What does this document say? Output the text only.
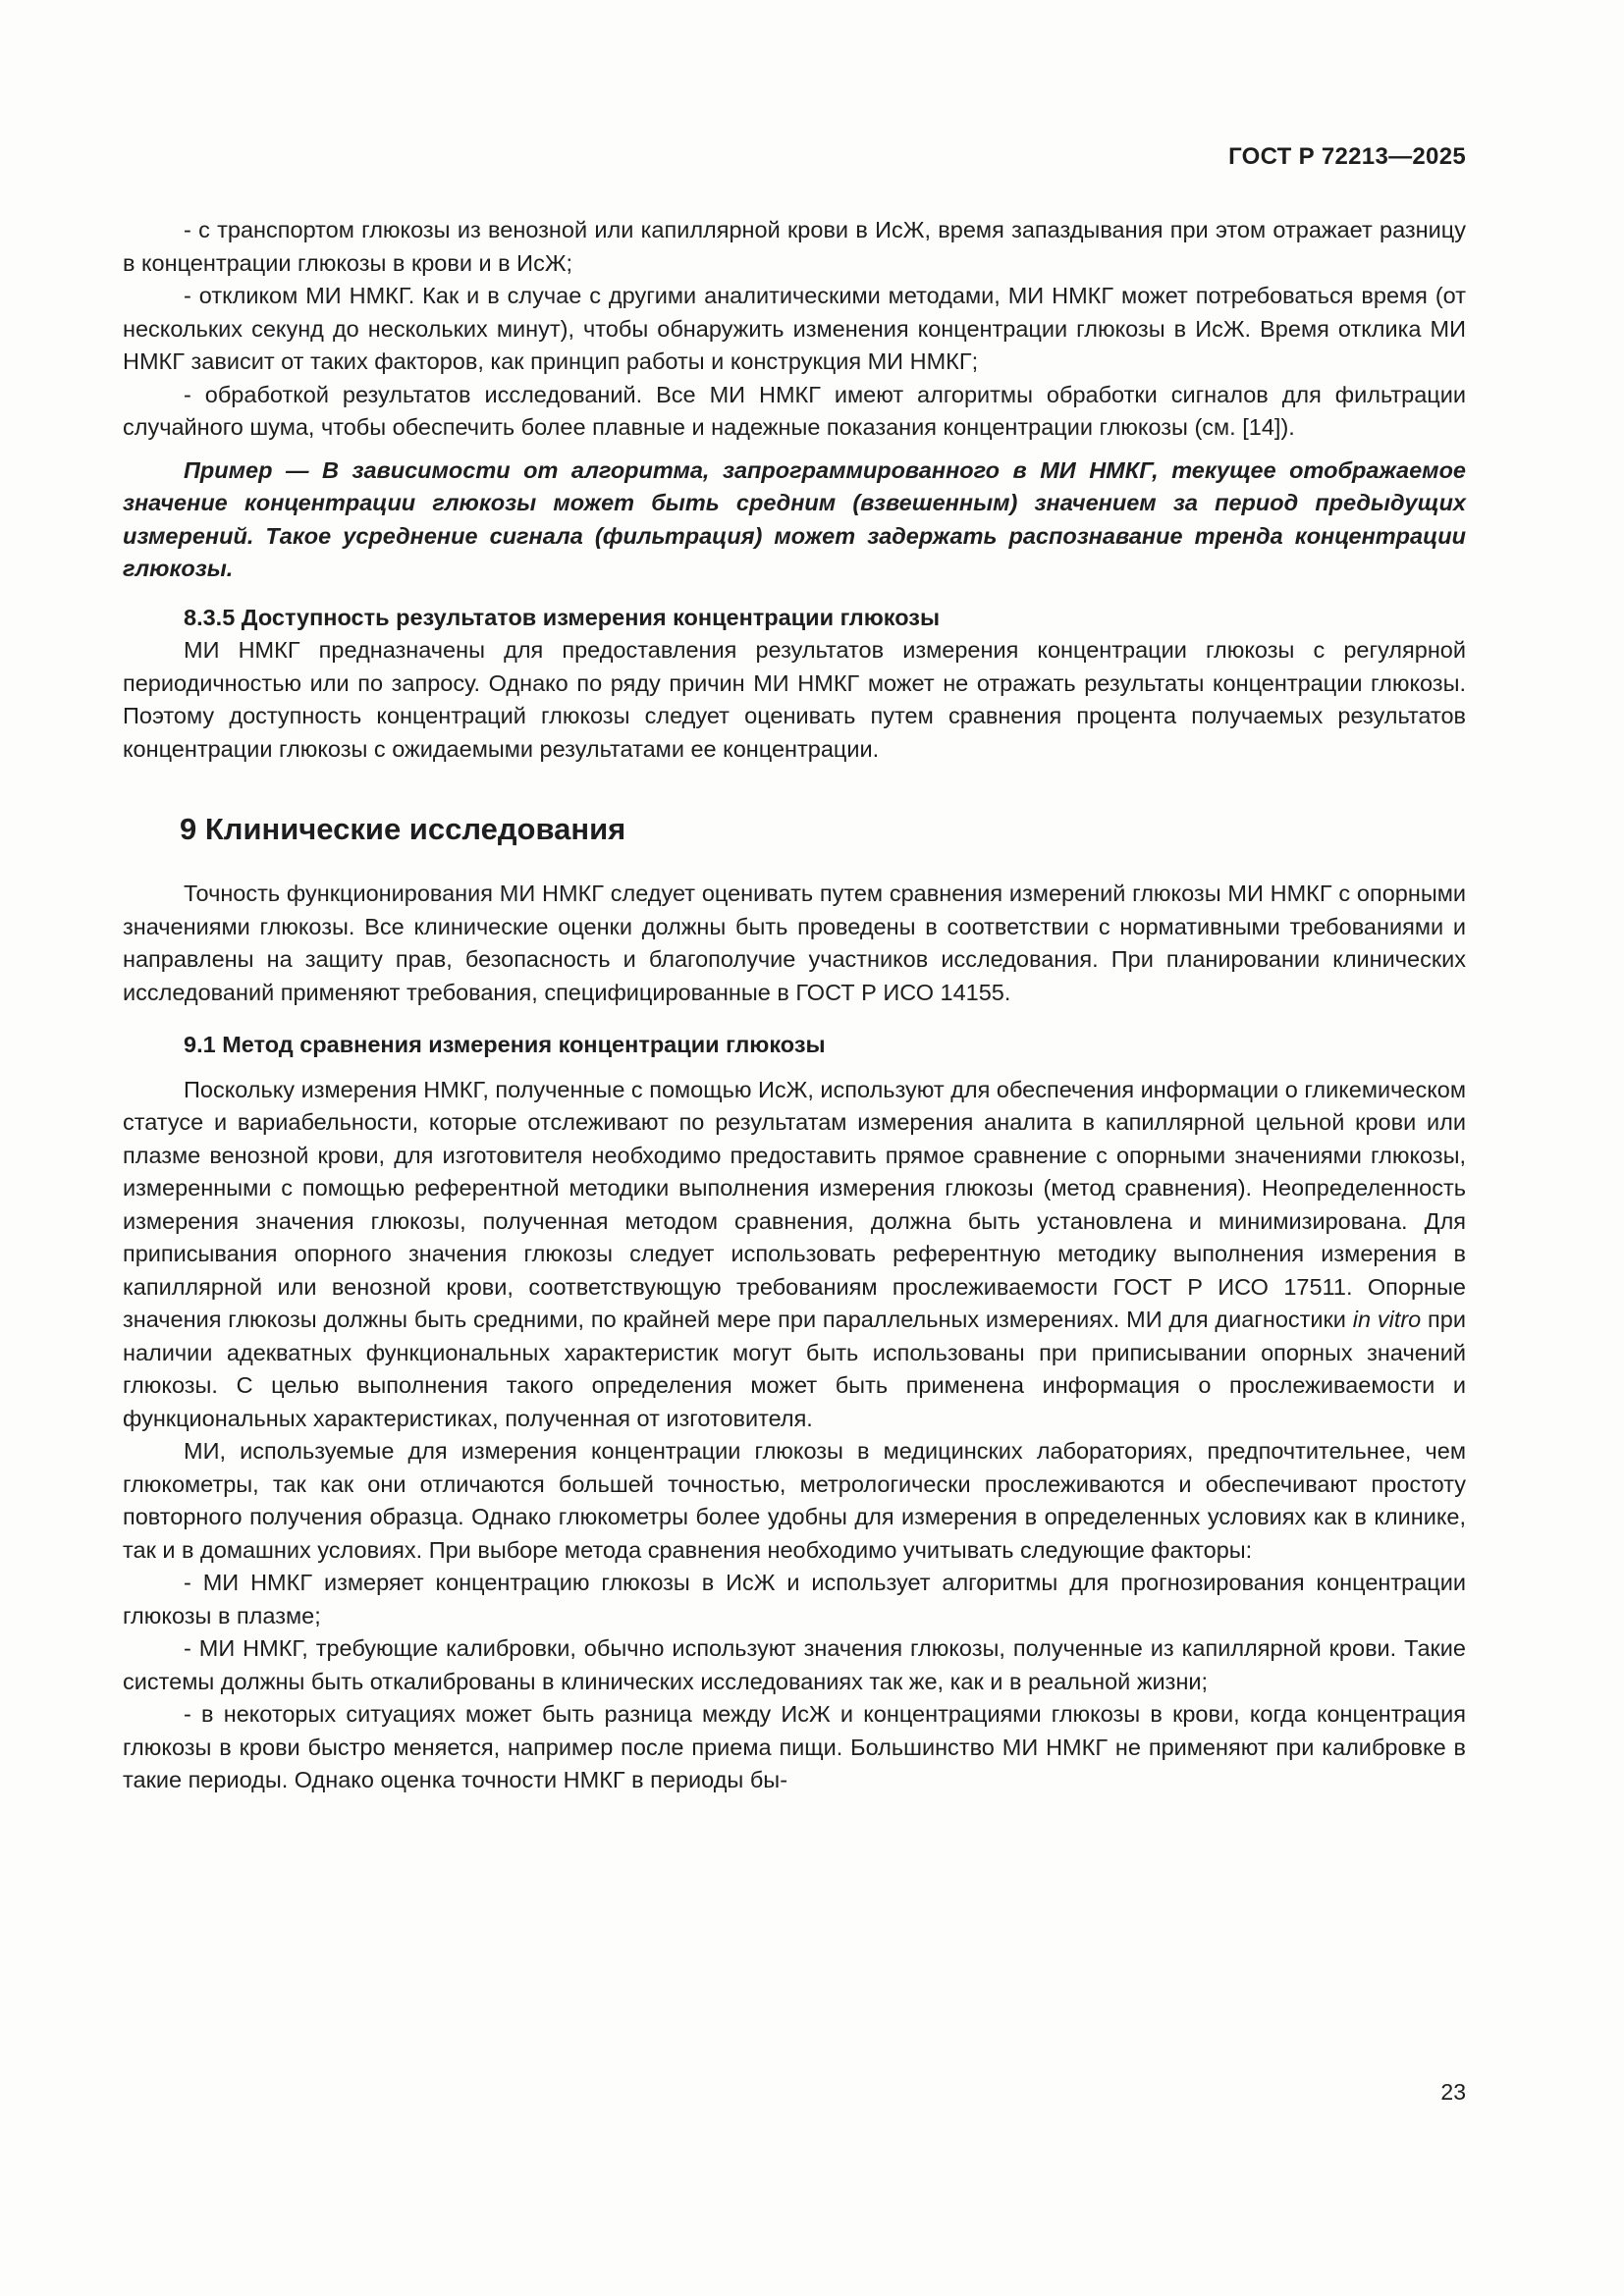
ГОСТ Р 72213—2025

- с транспортом глюкозы из венозной или капиллярной крови в ИсЖ, время запаздывания при этом отражает разницу в концентрации глюкозы в крови и в ИсЖ;

- откликом МИ НМКГ. Как и в случае с другими аналитическими методами, МИ НМКГ может потребоваться время (от нескольких секунд до нескольких минут), чтобы обнаружить изменения концентрации глюкозы в ИсЖ. Время отклика МИ НМКГ зависит от таких факторов, как принцип работы и конструкция МИ НМКГ;

- обработкой результатов исследований. Все МИ НМКГ имеют алгоритмы обработки сигналов для фильтрации случайного шума, чтобы обеспечить более плавные и надежные показания концентрации глюкозы (см. [14]).

Пример — В зависимости от алгоритма, запрограммированного в МИ НМКГ, текущее отображаемое значение концентрации глюкозы может быть средним (взвешенным) значением за период предыдущих измерений. Такое усреднение сигнала (фильтрация) может задержать распознавание тренда концентрации глюкозы.

8.3.5 Доступность результатов измерения концентрации глюкозы

МИ НМКГ предназначены для предоставления результатов измерения концентрации глюкозы с регулярной периодичностью или по запросу. Однако по ряду причин МИ НМКГ может не отражать результаты концентрации глюкозы. Поэтому доступность концентраций глюкозы следует оценивать путем сравнения процента получаемых результатов концентрации глюкозы с ожидаемыми результатами ее концентрации.

9 Клинические исследования

Точность функционирования МИ НМКГ следует оценивать путем сравнения измерений глюкозы МИ НМКГ с опорными значениями глюкозы. Все клинические оценки должны быть проведены в соответствии с нормативными требованиями и направлены на защиту прав, безопасность и благополучие участников исследования. При планировании клинических исследований применяют требования, специфицированные в ГОСТ Р ИСО 14155.

9.1 Метод сравнения измерения концентрации глюкозы

Поскольку измерения НМКГ, полученные с помощью ИсЖ, используют для обеспечения информации о гликемическом статусе и вариабельности, которые отслеживают по результатам измерения аналита в капиллярной цельной крови или плазме венозной крови, для изготовителя необходимо предоставить прямое сравнение с опорными значениями глюкозы, измеренными с помощью референтной методики выполнения измерения глюкозы (метод сравнения). Неопределенность измерения значения глюкозы, полученная методом сравнения, должна быть установлена и минимизирована. Для приписывания опорного значения глюкозы следует использовать референтную методику выполнения измерения в капиллярной или венозной крови, соответствующую требованиям прослеживаемости ГОСТ Р ИСО 17511. Опорные значения глюкозы должны быть средними, по крайней мере при параллельных измерениях. МИ для диагностики in vitro при наличии адекватных функциональных характеристик могут быть использованы при приписывании опорных значений глюкозы. С целью выполнения такого определения может быть применена информация о прослеживаемости и функциональных характеристиках, полученная от изготовителя.

МИ, используемые для измерения концентрации глюкозы в медицинских лабораториях, предпочтительнее, чем глюкометры, так как они отличаются большей точностью, метрологически прослеживаются и обеспечивают простоту повторного получения образца. Однако глюкометры более удобны для измерения в определенных условиях как в клинике, так и в домашних условиях. При выборе метода сравнения необходимо учитывать следующие факторы:

- МИ НМКГ измеряет концентрацию глюкозы в ИсЖ и использует алгоритмы для прогнозирования концентрации глюкозы в плазме;

- МИ НМКГ, требующие калибровки, обычно используют значения глюкозы, полученные из капиллярной крови. Такие системы должны быть откалиброваны в клинических исследованиях так же, как и в реальной жизни;

- в некоторых ситуациях может быть разница между ИсЖ и концентрациями глюкозы в крови, когда концентрация глюкозы в крови быстро меняется, например после приема пищи. Большинство МИ НМКГ не применяют при калибровке в такие периоды. Однако оценка точности НМКГ в периоды бы-

23
